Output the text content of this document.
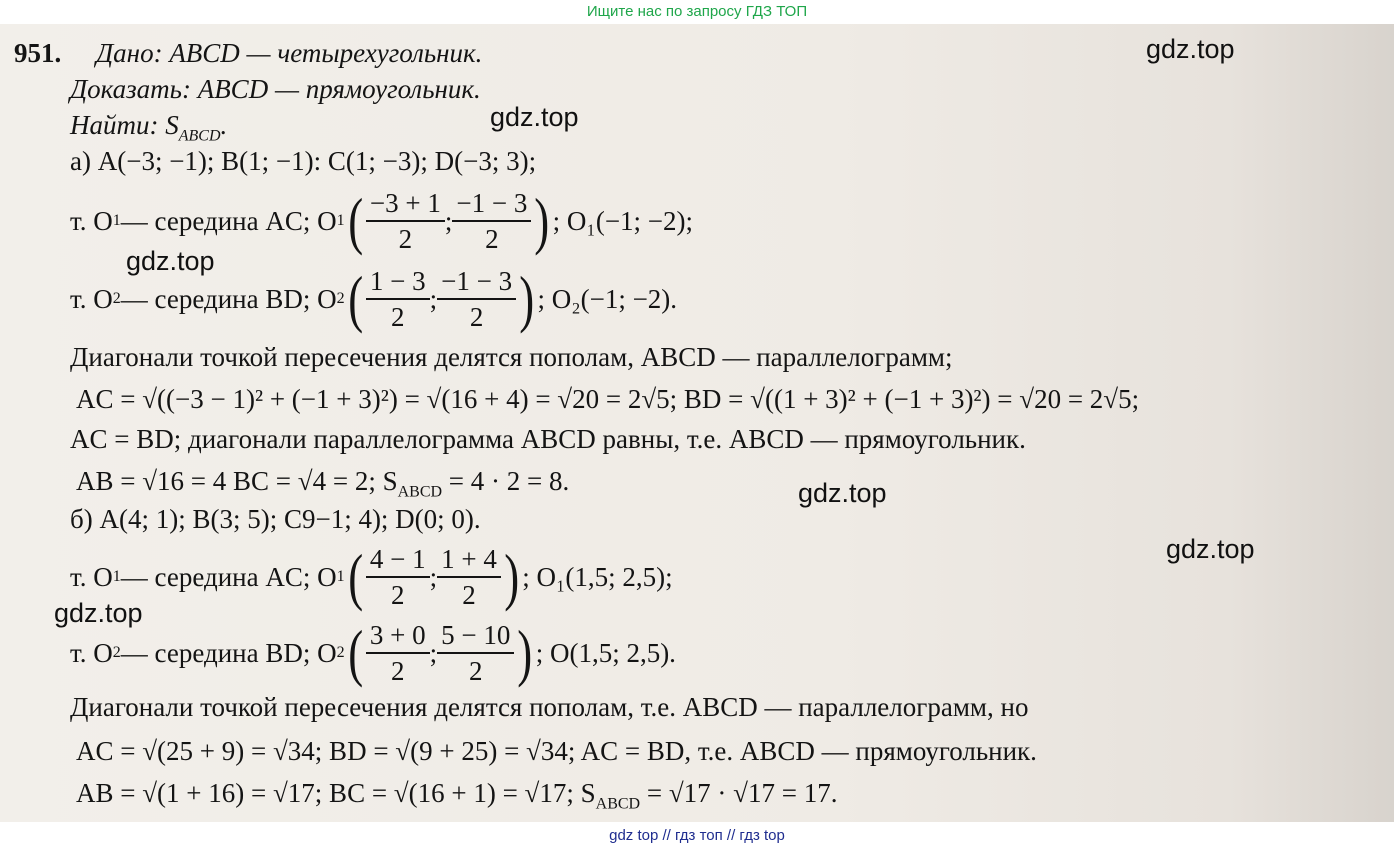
Ищите нас по запросу ГДЗ ТОП
951. Дано: ABCD — четырехугольник.
Доказать: ABCD — прямоугольник.
Найти: $S_{ABCD}$.
а) A(−3; −1); B(1; −1): C(1; −3); D(−3; 3);
т. O 1 — середина AC; O 1 ( $\frac{-3 + 1}{2}$ ; $\frac{-1 - 3}{2}$ ) ; O₁(−1; −2);
т. O 2 — середина BD; O 2 ( $\frac{1 - 3}{2}$ ; $\frac{-1 - 3}{2}$ ) ; O₂(−1; −2).
Диагонали точкой пересечения делятся пополам, ABCD — параллелограмм;
AC = √((−3 − 1)² + (−1 + 3)²) = √(16 + 4) = √20 = 2√5; BD = √((1 + 3)² + (−1 + 3)²) = √20 = 2√5;
AC = BD; диагонали параллелограмма ABCD равны, т.е. ABCD — прямоугольник.
AB = √16 = 4 BC = √4 = 2; $S_{ABCD} = 4 \cdot 2 = 8$.
б) A(4; 1); B(3; 5); C9−1; 4); D(0; 0).
т. O 1 — середина AC; O 1 ( $\frac{4 - 1}{2}$ ; $\frac{1 + 4}{2}$ ) ; O₁(1,5; 2,5);
т. O 2 — середина BD; O 2 ( $\frac{3 + 0}{2}$ ; $\frac{5 - 10}{2}$ ) ; O(1,5; 2,5).
Диагонали точкой пересечения делятся пополам, т.е. ABCD — параллелограмм, но
AC = √(25 + 9) = √34; BD = √(9 + 25) = √34; AC = BD, т.е. ABCD — прямоугольник.
AB = √(1 + 16) = √17; BC = √(16 + 1) = √17; $S_{ABCD} = √17 \cdot √17 = 17$.
gdz.top
gdz.top
gdz.top
gdz.top
gdz.top
gdz.top
gdz top // гдз топ // гдз top
